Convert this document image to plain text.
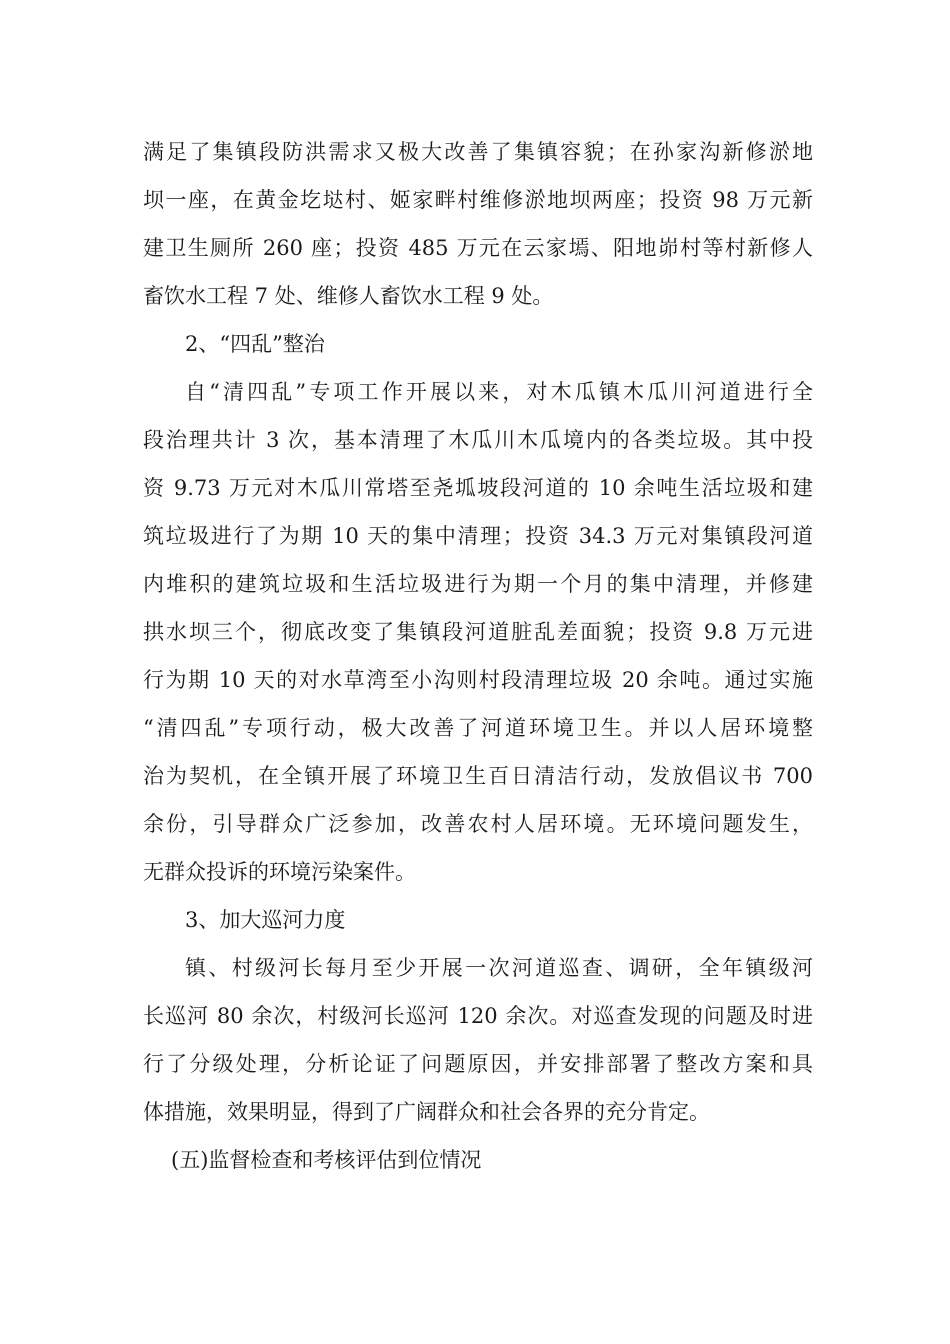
满足了集镇段防洪需求又极大改善了集镇容貌；在孙家沟新修淤地
坝一座，在黄金圪垯村、姬家畔村维修淤地坝两座；投资 98 万元新
建卫生厕所 260 座；投资 485 万元在云家墕、阳地峁村等村新修人
畜饮水工程 7 处、维修人畜饮水工程 9 处。
2、“四乱”整治
自“清四乱”专项工作开展以来，对木瓜镇木瓜川河道进行全
段治理共计 3 次，基本清理了木瓜川木瓜境内的各类垃圾。其中投
资 9.73 万元对木瓜川常塔至尧坬坡段河道的 10 余吨生活垃圾和建
筑垃圾进行了为期 10 天的集中清理；投资 34.3 万元对集镇段河道
内堆积的建筑垃圾和生活垃圾进行为期一个月的集中清理，并修建
拱水坝三个，彻底改变了集镇段河道脏乱差面貌；投资 9.8 万元进
行为期 10 天的对水草湾至小沟则村段清理垃圾 20 余吨。通过实施
“清四乱”专项行动，极大改善了河道环境卫生。并以人居环境整
治为契机，在全镇开展了环境卫生百日清洁行动，发放倡议书 700
余份，引导群众广泛参加，改善农村人居环境。无环境问题发生，
无群众投诉的环境污染案件。
3、加大巡河力度
镇、村级河长每月至少开展一次河道巡查、调研，全年镇级河
长巡河 80 余次，村级河长巡河 120 余次。对巡查发现的问题及时进
行了分级处理，分析论证了问题原因，并安排部署了整改方案和具
体措施，效果明显，得到了广阔群众和社会各界的充分肯定。
(五)监督检查和考核评估到位情况
